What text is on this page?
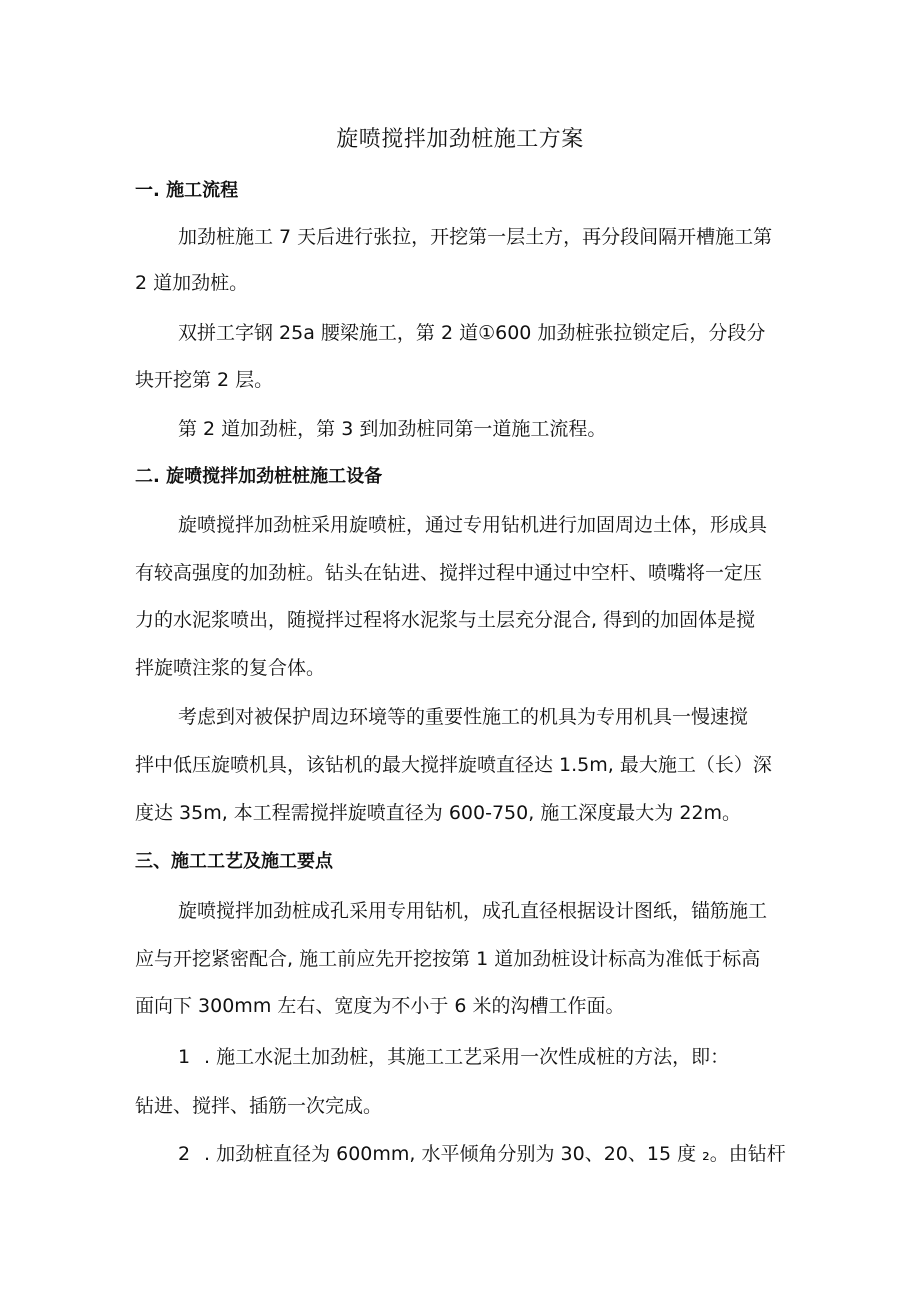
旋喷搅拌加劲桩施工方案
一. 施工流程
加劲桩施工 7 天后进行张拉，开挖第一层土方，再分段间隔开槽施工第
2 道加劲桩。
双拼工字钢 25a 腰梁施工，第 2 道①600 加劲桩张拉锁定后，分段分
块开挖第 2 层。
第 2 道加劲桩，第 3 到加劲桩同第一道施工流程。
二. 旋喷搅拌加劲桩桩施工设备
旋喷搅拌加劲桩采用旋喷桩，通过专用钻机进行加固周边土体，形成具
有较高强度的加劲桩。钻头在钻进、搅拌过程中通过中空杆、喷嘴将一定压
力的水泥浆喷出，随搅拌过程将水泥浆与土层充分混合, 得到的加固体是搅
拌旋喷注浆的复合体。
考虑到对被保护周边环境等的重要性施工的机具为专用机具一慢速搅
拌中低压旋喷机具，该钻机的最大搅拌旋喷直径达 1.5m, 最大施工（长）深
度达 35m, 本工程需搅拌旋喷直径为 600-750, 施工深度最大为 22m。
三、施工工艺及施工要点
旋喷搅拌加劲桩成孔采用专用钻机，成孔直径根据设计图纸，锚筋施工
应与开挖紧密配合, 施工前应先开挖按第 1 道加劲桩设计标高为准低于标高
面向下 300mm 左右、宽度为不小于 6 米的沟槽工作面。
1 . 施工水泥土加劲桩，其施工工艺采用一次性成桩的方法，即：
钻进、搅拌、插筋一次完成。
2 . 加劲桩直径为 600mm, 水平倾角分别为 30、20、15 度 ₂。由钻杆
